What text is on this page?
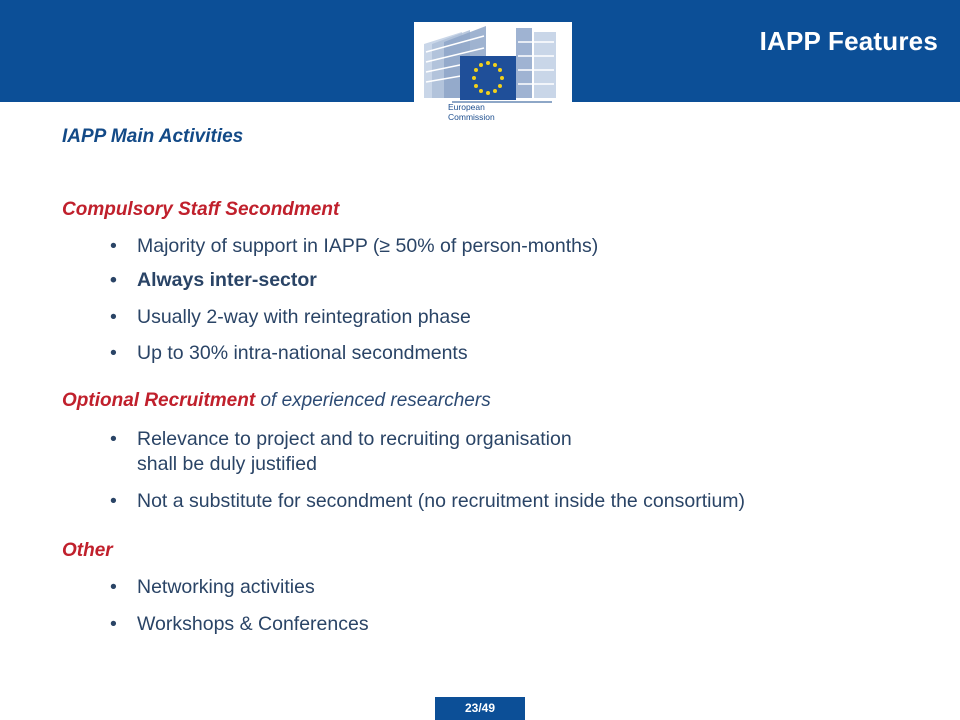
IAPP Features
European
Commission
IAPP Main Activities
Compulsory Staff Secondment
• Majority of support in IAPP (≥ 50% of person-months)
• Always inter-sector
• Usually 2-way with reintegration phase
• Up to 30% intra-national secondments
Optional Recruitment of experienced researchers
• Relevance to project and to recruiting organisation
shall be duly justified
• Not a substitute for secondment (no recruitment inside the consortium)
Other
• Networking activities
• Workshops & Conferences
23/49
